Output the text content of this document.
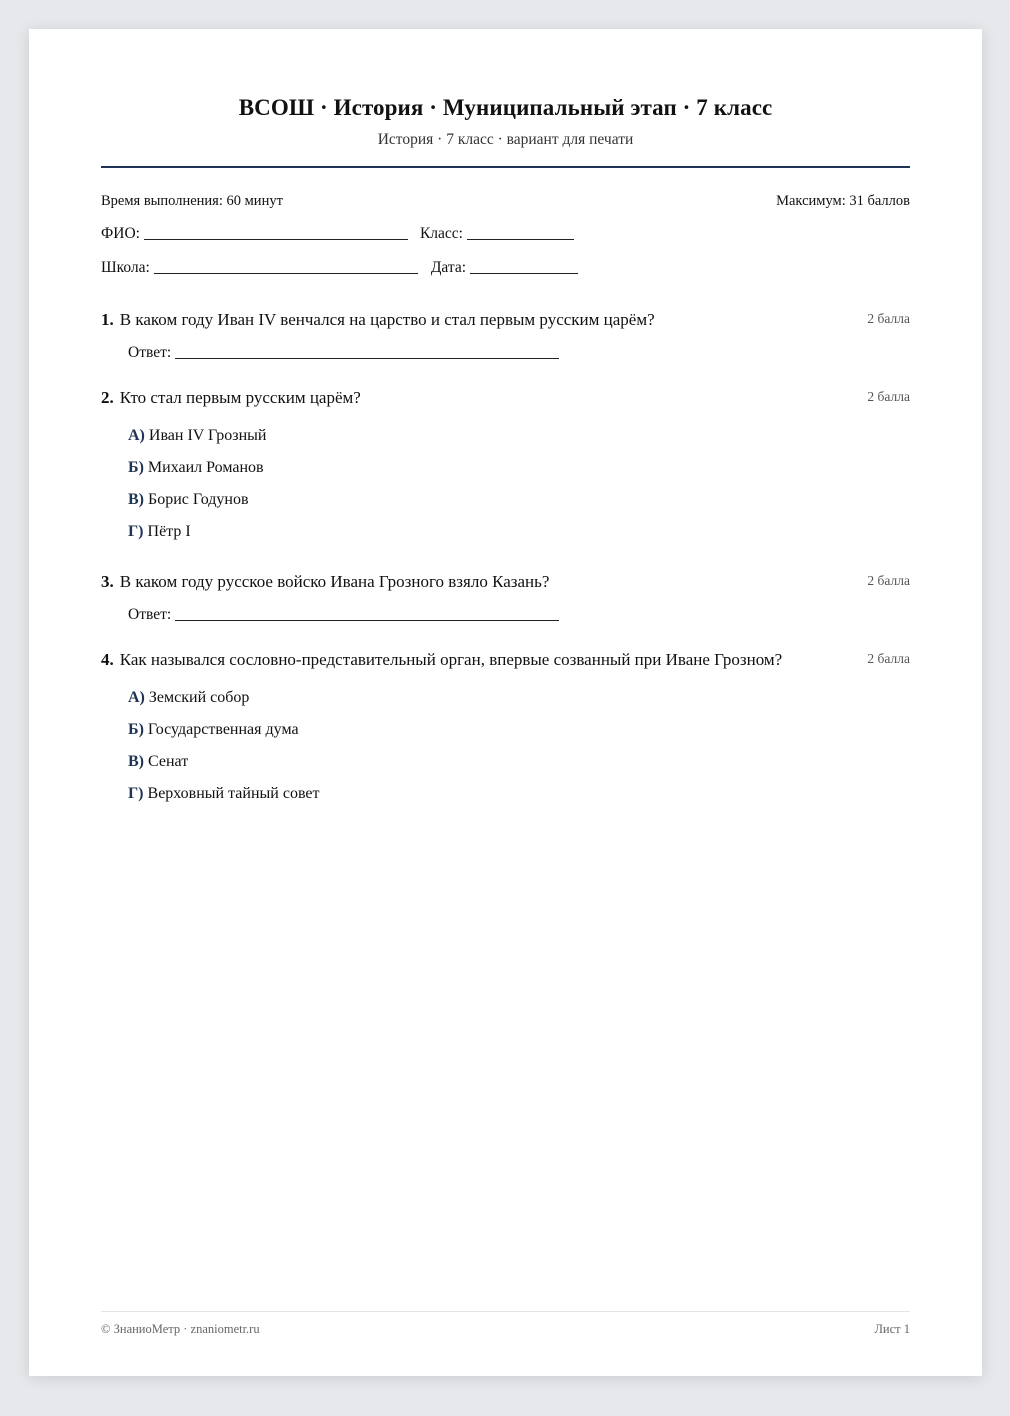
ВСОШ · История · Муниципальный этап · 7 класс
История · 7 класс · вариант для печати
Время выполнения: 60 минут	Максимум: 31 баллов
ФИО:	Класс:
Школа:	Дата:
1. В каком году Иван IV венчался на царство и стал первым русским царём?	2 балла
Ответ:
2. Кто стал первым русским царём?	2 балла
А) Иван IV Грозный
Б) Михаил Романов
В) Борис Годунов
Г) Пётр I
3. В каком году русское войско Ивана Грозного взяло Казань?	2 балла
Ответ:
4. Как назывался сословно-представительный орган, впервые созванный при Иване Грозном?	2 балла
А) Земский собор
Б) Государственная дума
В) Сенат
Г) Верховный тайный совет
© ЗнаниоМетр · znaniometr.ru	Лист 1
